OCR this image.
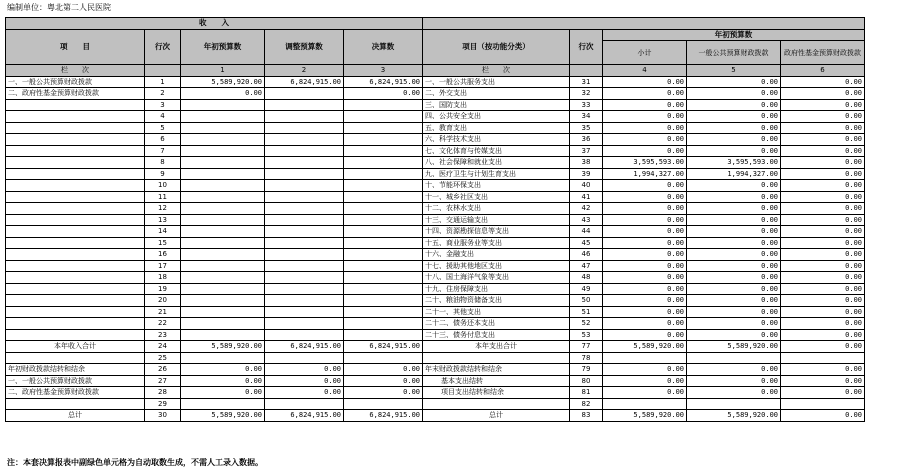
编制单位：粤北第二人民医院
收　　入									
项　　目	行次	年初预算数	调整预算数	决算数	项目（按功能分类）	行次	年初预算数		
							小计	一般公共预算财政拨款	政府性基金预算财政拨款
栏　　次		1	2	3	栏　　次		4	5	6
一、一般公共预算财政拨款	1	5,589,920.00	6,824,915.00	6,824,915.00	一、一般公共服务支出	31	0.00	0.00	0.00
二、政府性基金预算财政拨款	2	0.00		0.00	二、外交支出	32	0.00	0.00	0.00
	3				三、国防支出	33	0.00	0.00	0.00
	4				四、公共安全支出	34	0.00	0.00	0.00
	5				五、教育支出	35	0.00	0.00	0.00
	6				六、科学技术支出	36	0.00	0.00	0.00
	7				七、文化体育与传媒支出	37	0.00	0.00	0.00
	8				八、社会保障和就业支出	38	3,595,593.00	3,595,593.00	0.00
	9				九、医疗卫生与计划生育支出	39	1,994,327.00	1,994,327.00	0.00
	10				十、节能环保支出	40	0.00	0.00	0.00
	11				十一、城乡社区支出	41	0.00	0.00	0.00
	12				十二、农林水支出	42	0.00	0.00	0.00
	13				十三、交通运输支出	43	0.00	0.00	0.00
	14				十四、资源勘探信息等支出	44	0.00	0.00	0.00
	15				十五、商业服务业等支出	45	0.00	0.00	0.00
	16				十六、金融支出	46	0.00	0.00	0.00
	17				十七、援助其他地区支出	47	0.00	0.00	0.00
	18				十八、国土海洋气象等支出	48	0.00	0.00	0.00
	19				十九、住房保障支出	49	0.00	0.00	0.00
	20				二十、粮油物资储备支出	50	0.00	0.00	0.00
	21				二十一、其他支出	51	0.00	0.00	0.00
	22				二十二、债务还本支出	52	0.00	0.00	0.00
	23				二十三、债务付息支出	53	0.00	0.00	0.00
本年收入合计	24	5,589,920.00	6,824,915.00	6,824,915.00	本年支出合计	77	5,589,920.00	5,589,920.00	0.00
	25					78			
年初财政拨款结转和结余	26	0.00	0.00	0.00	年末财政拨款结转和结余	79	0.00	0.00	0.00
一、一般公共预算财政拨款	27	0.00	0.00	0.00	基本支出结转	80	0.00	0.00	0.00
二、政府性基金预算财政拨款	28	0.00	0.00	0.00	项目支出结转和结余	81	0.00	0.00	0.00
	29					82			
总计	30	5,589,920.00	6,824,915.00	6,824,915.00	总计	83	5,589,920.00	5,589,920.00	0.00
注：本套决算报表中副绿色单元格为自动取数生成，不需人工录入数据。
